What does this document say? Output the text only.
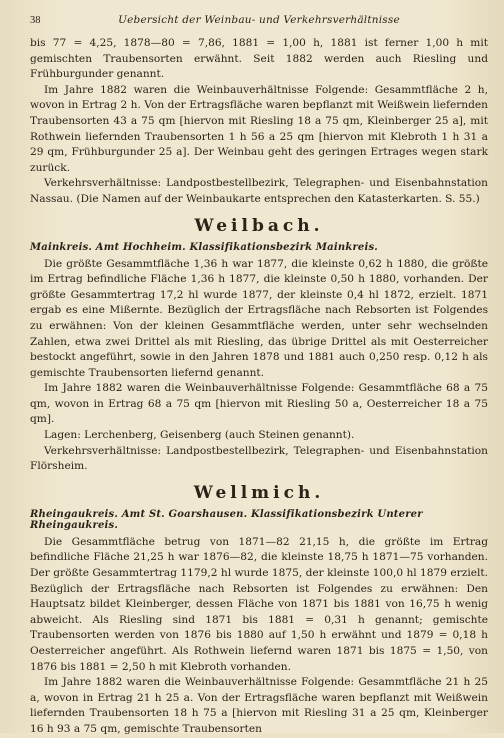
38	Uebersicht der Weinbau- und Verkehrsverhältnisse

bis 77 = 4,25, 1878—80 = 7,86, 1881 = 1,00 h, 1881 ist ferner 1,00 h mit gemischten Traubensorten erwähnt. Seit 1882 werden auch Riesling und Frühburgunder genannt.

Im Jahre 1882 waren die Weinbauverhältnisse Folgende: Gesammtfläche 2 h, wovon in Ertrag 2 h. Von der Ertragsfläche waren bepflanzt mit Weißwein liefernden Traubensorten 43 a 75 qm [hiervon mit Riesling 18 a 75 qm, Kleinberger 25 a], mit Rothwein liefernden Traubensorten 1 h 56 a 25 qm [hiervon mit Klebroth 1 h 31 a 29 qm, Frühburgunder 25 a]. Der Weinbau geht des geringen Ertrages wegen stark zurück.

Verkehrsverhältnisse: Landpostbestellbezirk, Telegraphen- und Eisenbahnstation Nassau. (Die Namen auf der Weinbaukarte entsprechen den Katasterkarten. S. 55.)

Weilbach.
Mainkreis. Amt Hochheim. Klassifikationsbezirk Mainkreis.

Die größte Gesammtfläche 1,36 h war 1877, die kleinste 0,62 h 1880, die größte im Ertrag befindliche Fläche 1,36 h 1877, die kleinste 0,50 h 1880, vorhanden. Der größte Gesammtertrag 17,2 hl wurde 1877, der kleinste 0,4 hl 1872, erzielt. 1871 ergab es eine Mißernte. Bezüglich der Ertragsfläche nach Rebsorten ist Folgendes zu erwähnen: Von der kleinen Gesammtfläche werden, unter sehr wechselnden Zahlen, etwa zwei Drittel als mit Riesling, das übrige Drittel als mit Oesterreicher bestockt angeführt, sowie in den Jahren 1878 und 1881 auch 0,250 resp. 0,12 h als gemischte Traubensorten liefernd genannt.

Im Jahre 1882 waren die Weinbauverhältnisse Folgende: Gesammtfläche 68 a 75 qm, wovon in Ertrag 68 a 75 qm [hiervon mit Riesling 50 a, Oesterreicher 18 a 75 qm].

Lagen: Lerchenberg, Geisenberg (auch Steinen genannt).

Verkehrsverhältnisse: Landpostbestellbezirk, Telegraphen- und Eisenbahnstation Flörsheim.

Wellmich.
Rheingaukreis. Amt St. Goarshausen. Klassifikationsbezirk Unterer Rheingaukreis.

Die Gesammtfläche betrug von 1871—82 21,15 h, die größte im Ertrag befindliche Fläche 21,25 h war 1876—82, die kleinste 18,75 h 1871—75 vorhanden. Der größte Gesammtertrag 1179,2 hl wurde 1875, der kleinste 100,0 hl 1879 erzielt. Bezüglich der Ertragsfläche nach Rebsorten ist Folgendes zu erwähnen: Den Hauptsatz bildet Kleinberger, dessen Fläche von 1871 bis 1881 von 16,75 h wenig abweicht. Als Riesling sind 1871 bis 1881 = 0,31 h genannt; gemischte Traubensorten werden von 1876 bis 1880 auf 1,50 h erwähnt und 1879 = 0,18 h Oesterreicher angeführt. Als Rothwein liefernd waren 1871 bis 1875 = 1,50, von 1876 bis 1881 = 2,50 h mit Klebroth vorhanden.

Im Jahre 1882 waren die Weinbauverhältnisse Folgende: Gesammtfläche 21 h 25 a, wovon in Ertrag 21 h 25 a. Von der Ertragsfläche waren bepflanzt mit Weißwein liefernden Traubensorten 18 h 75 a [hiervon mit Riesling 31 a 25 qm, Kleinberger 16 h 93 a 75 qm, gemischte Traubensorten
